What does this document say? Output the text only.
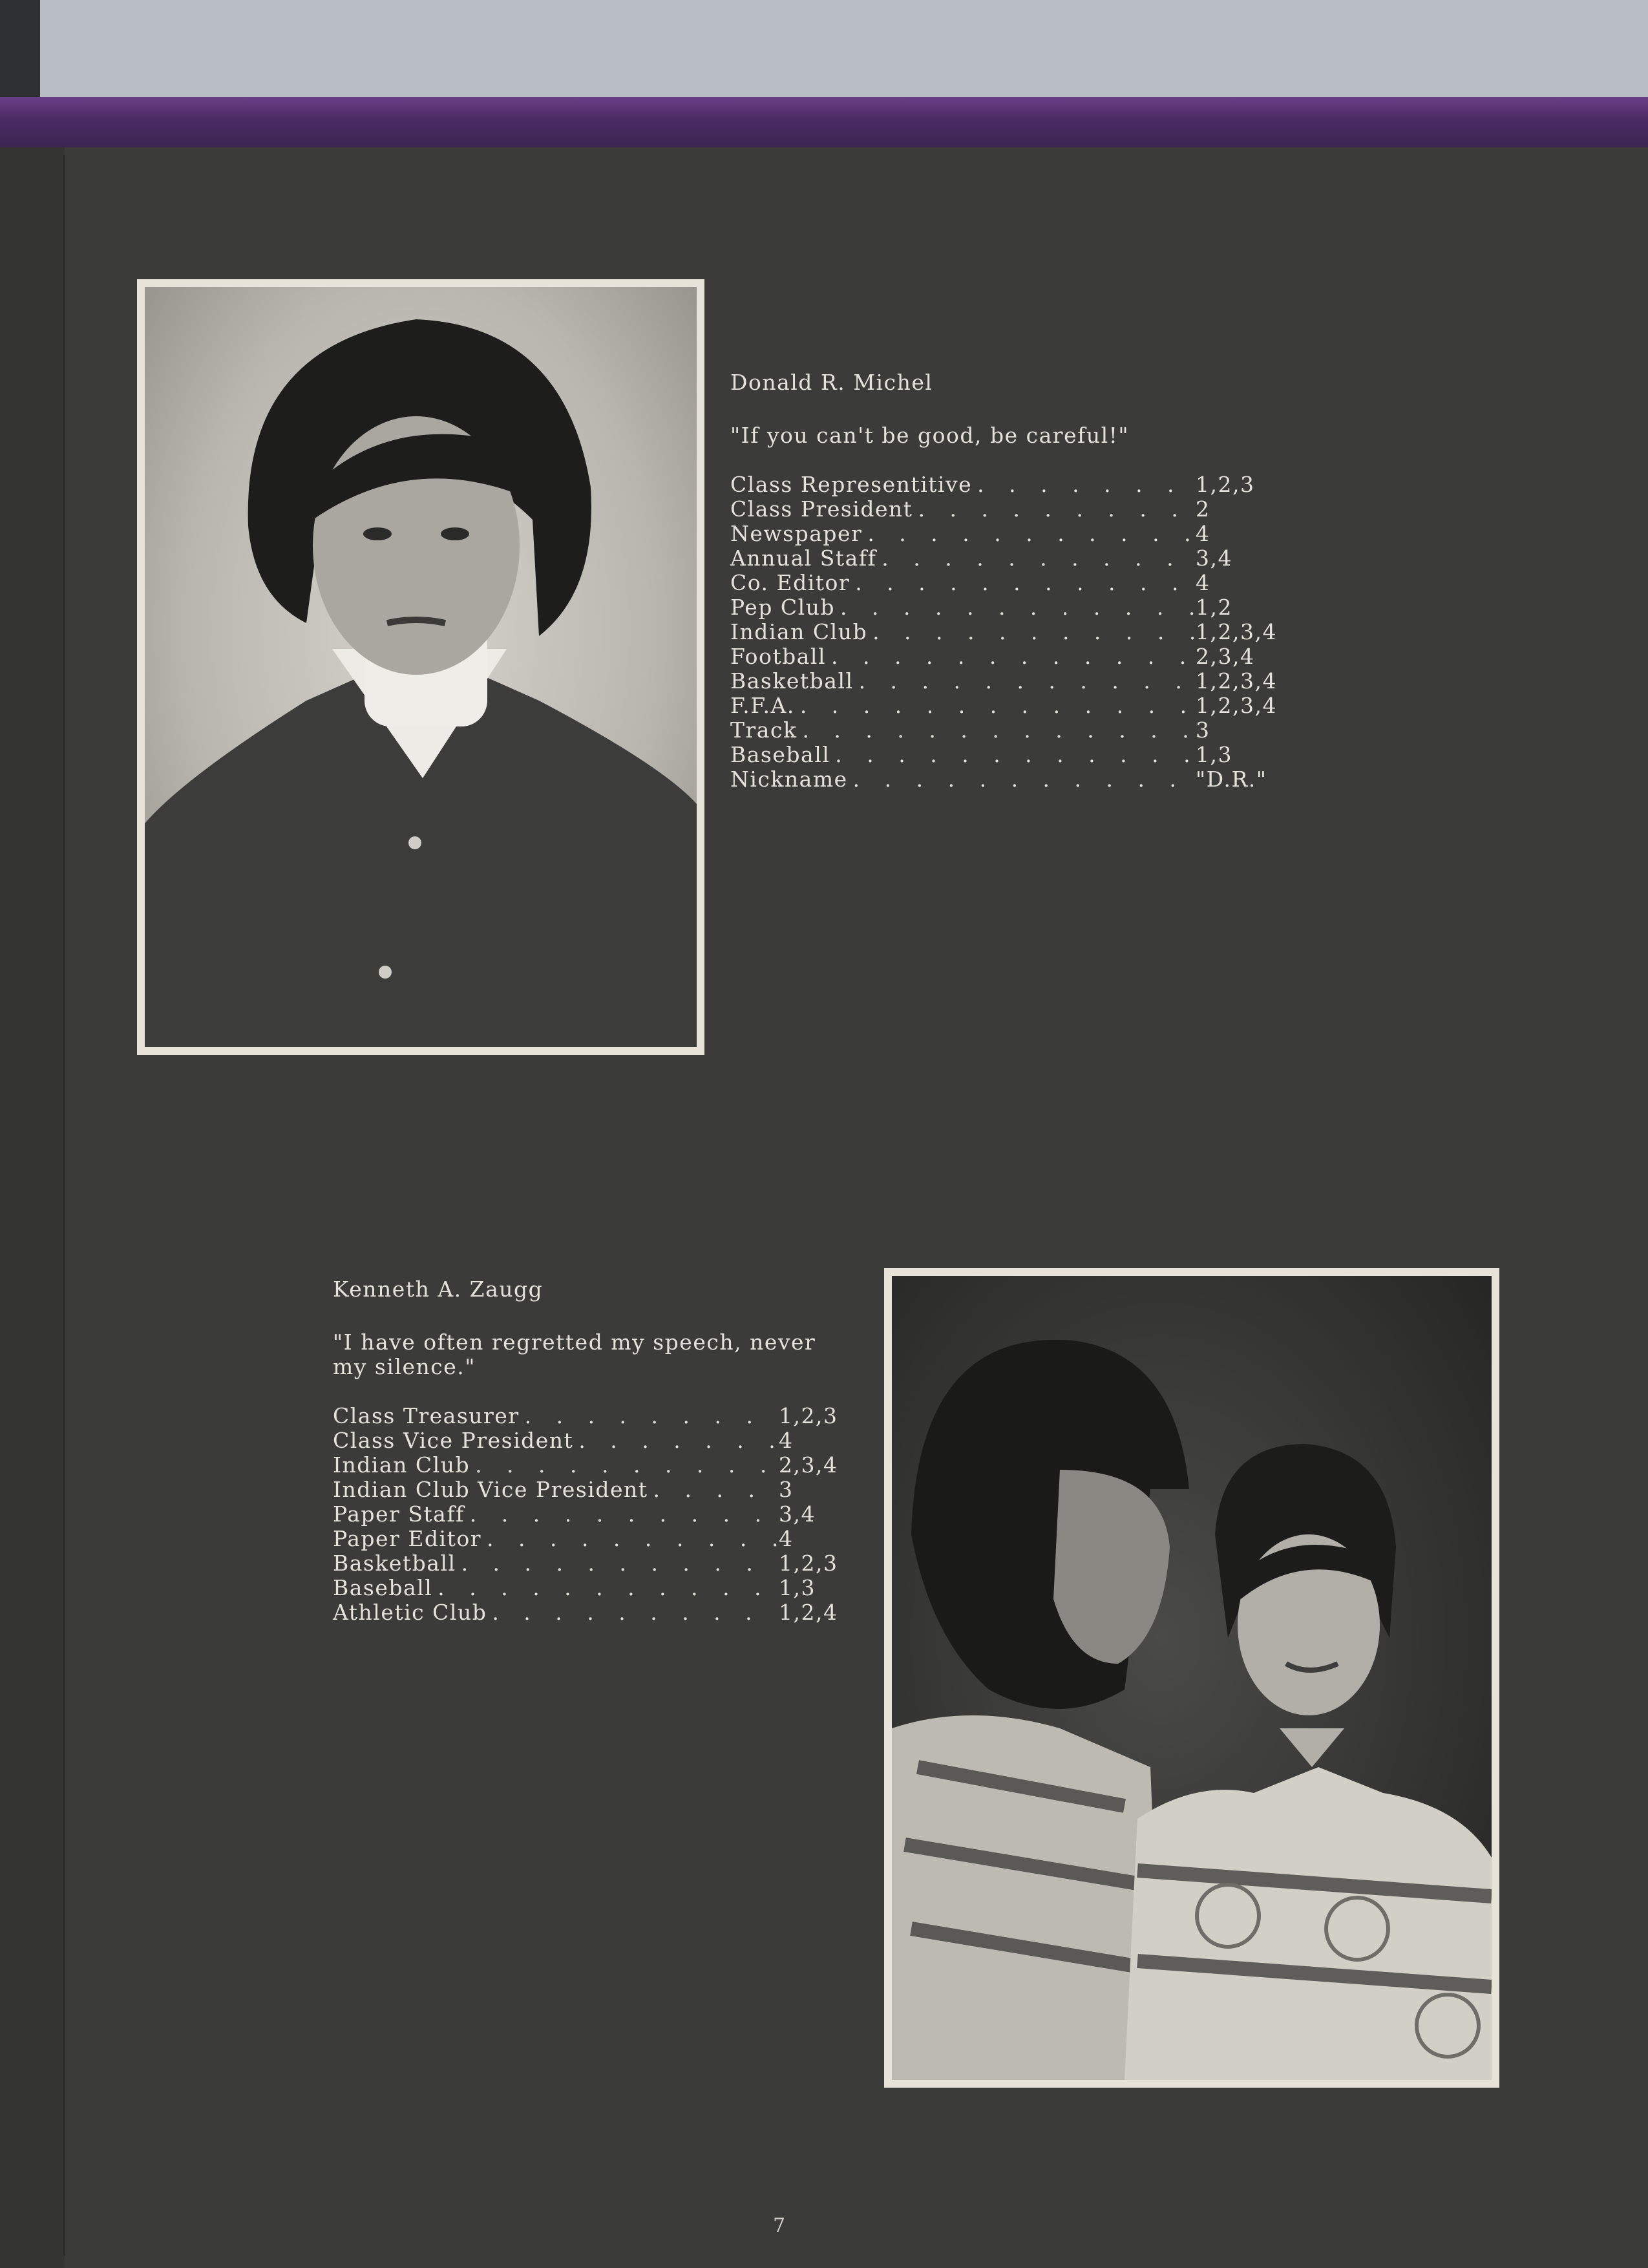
Donald R. Michel

"If you can't be good, be careful!"

Class Representitive . . .	1,2,3
Class President . . .	2
Newspaper . . .	4
Annual Staff . . .	3,4
Co. Editor . . .	4
Pep Club . . .	1,2
Indian Club . . .	1,2,3,4
Football . . .	2,3,4
Basketball . . .	1,2,3,4
F.F.A. . . .	1,2,3,4
Track . . .	3
Baseball . . .	1,3
Nickname . . .	"D.R."

Kenneth A. Zaugg

"I have often regretted my speech, never my silence."

Class Treasurer . . .	1,2,3
Class Vice President . . .	4
Indian Club . . .	2,3,4
Indian Club Vice President . . .	3
Paper Staff . . .	3,4
Paper Editor . . .	4
Basketball . . .	1,2,3
Baseball . . .	1,3
Athletic Club . . .	1,2,4
7
